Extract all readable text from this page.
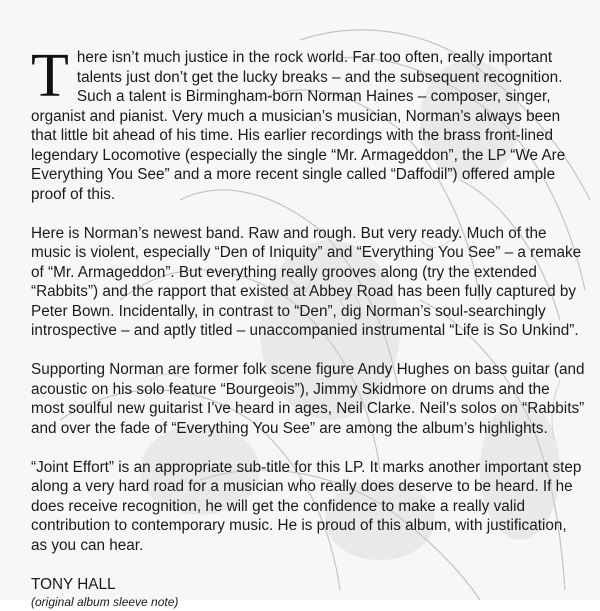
There isn’t much justice in the rock world. Far too often, really important talents just don’t get the lucky breaks – and the subsequent recognition. Such a talent is Birmingham-born Norman Haines – composer, singer, organist and pianist. Very much a musician’s musician, Norman’s always been that little bit ahead of his time. His earlier recordings with the brass front-lined legendary Locomotive (especially the single “Mr. Armageddon”, the LP “We Are Everything You See” and a more recent single called “Daffodil”) offered ample proof of this.

Here is Norman’s newest band. Raw and rough. But very ready. Much of the music is violent, especially “Den of Iniquity” and “Everything You See” – a remake of “Mr. Armageddon”. But everything really grooves along (try the extended “Rabbits”) and the rapport that existed at Abbey Road has been fully captured by Peter Bown. Incidentally, in contrast to “Den”, dig Norman’s soul-searchingly introspective – and aptly titled – unaccompanied instrumental “Life is So Unkind”.

Supporting Norman are former folk scene figure Andy Hughes on bass guitar (and acoustic on his solo feature “Bourgeois”), Jimmy Skidmore on drums and the most soulful new guitarist I’ve heard in ages, Neil Clarke. Neil’s solos on “Rabbits” and over the fade of “Everything You See” are among the album’s highlights.

“Joint Effort” is an appropriate sub-title for this LP. It marks another important step along a very hard road for a musician who really does deserve to be heard. If he does receive recognition, he will get the confidence to make a really valid contribution to contemporary music. He is proud of this album, with justification, as you can hear.

TONY HALL

(original album sleeve note)
